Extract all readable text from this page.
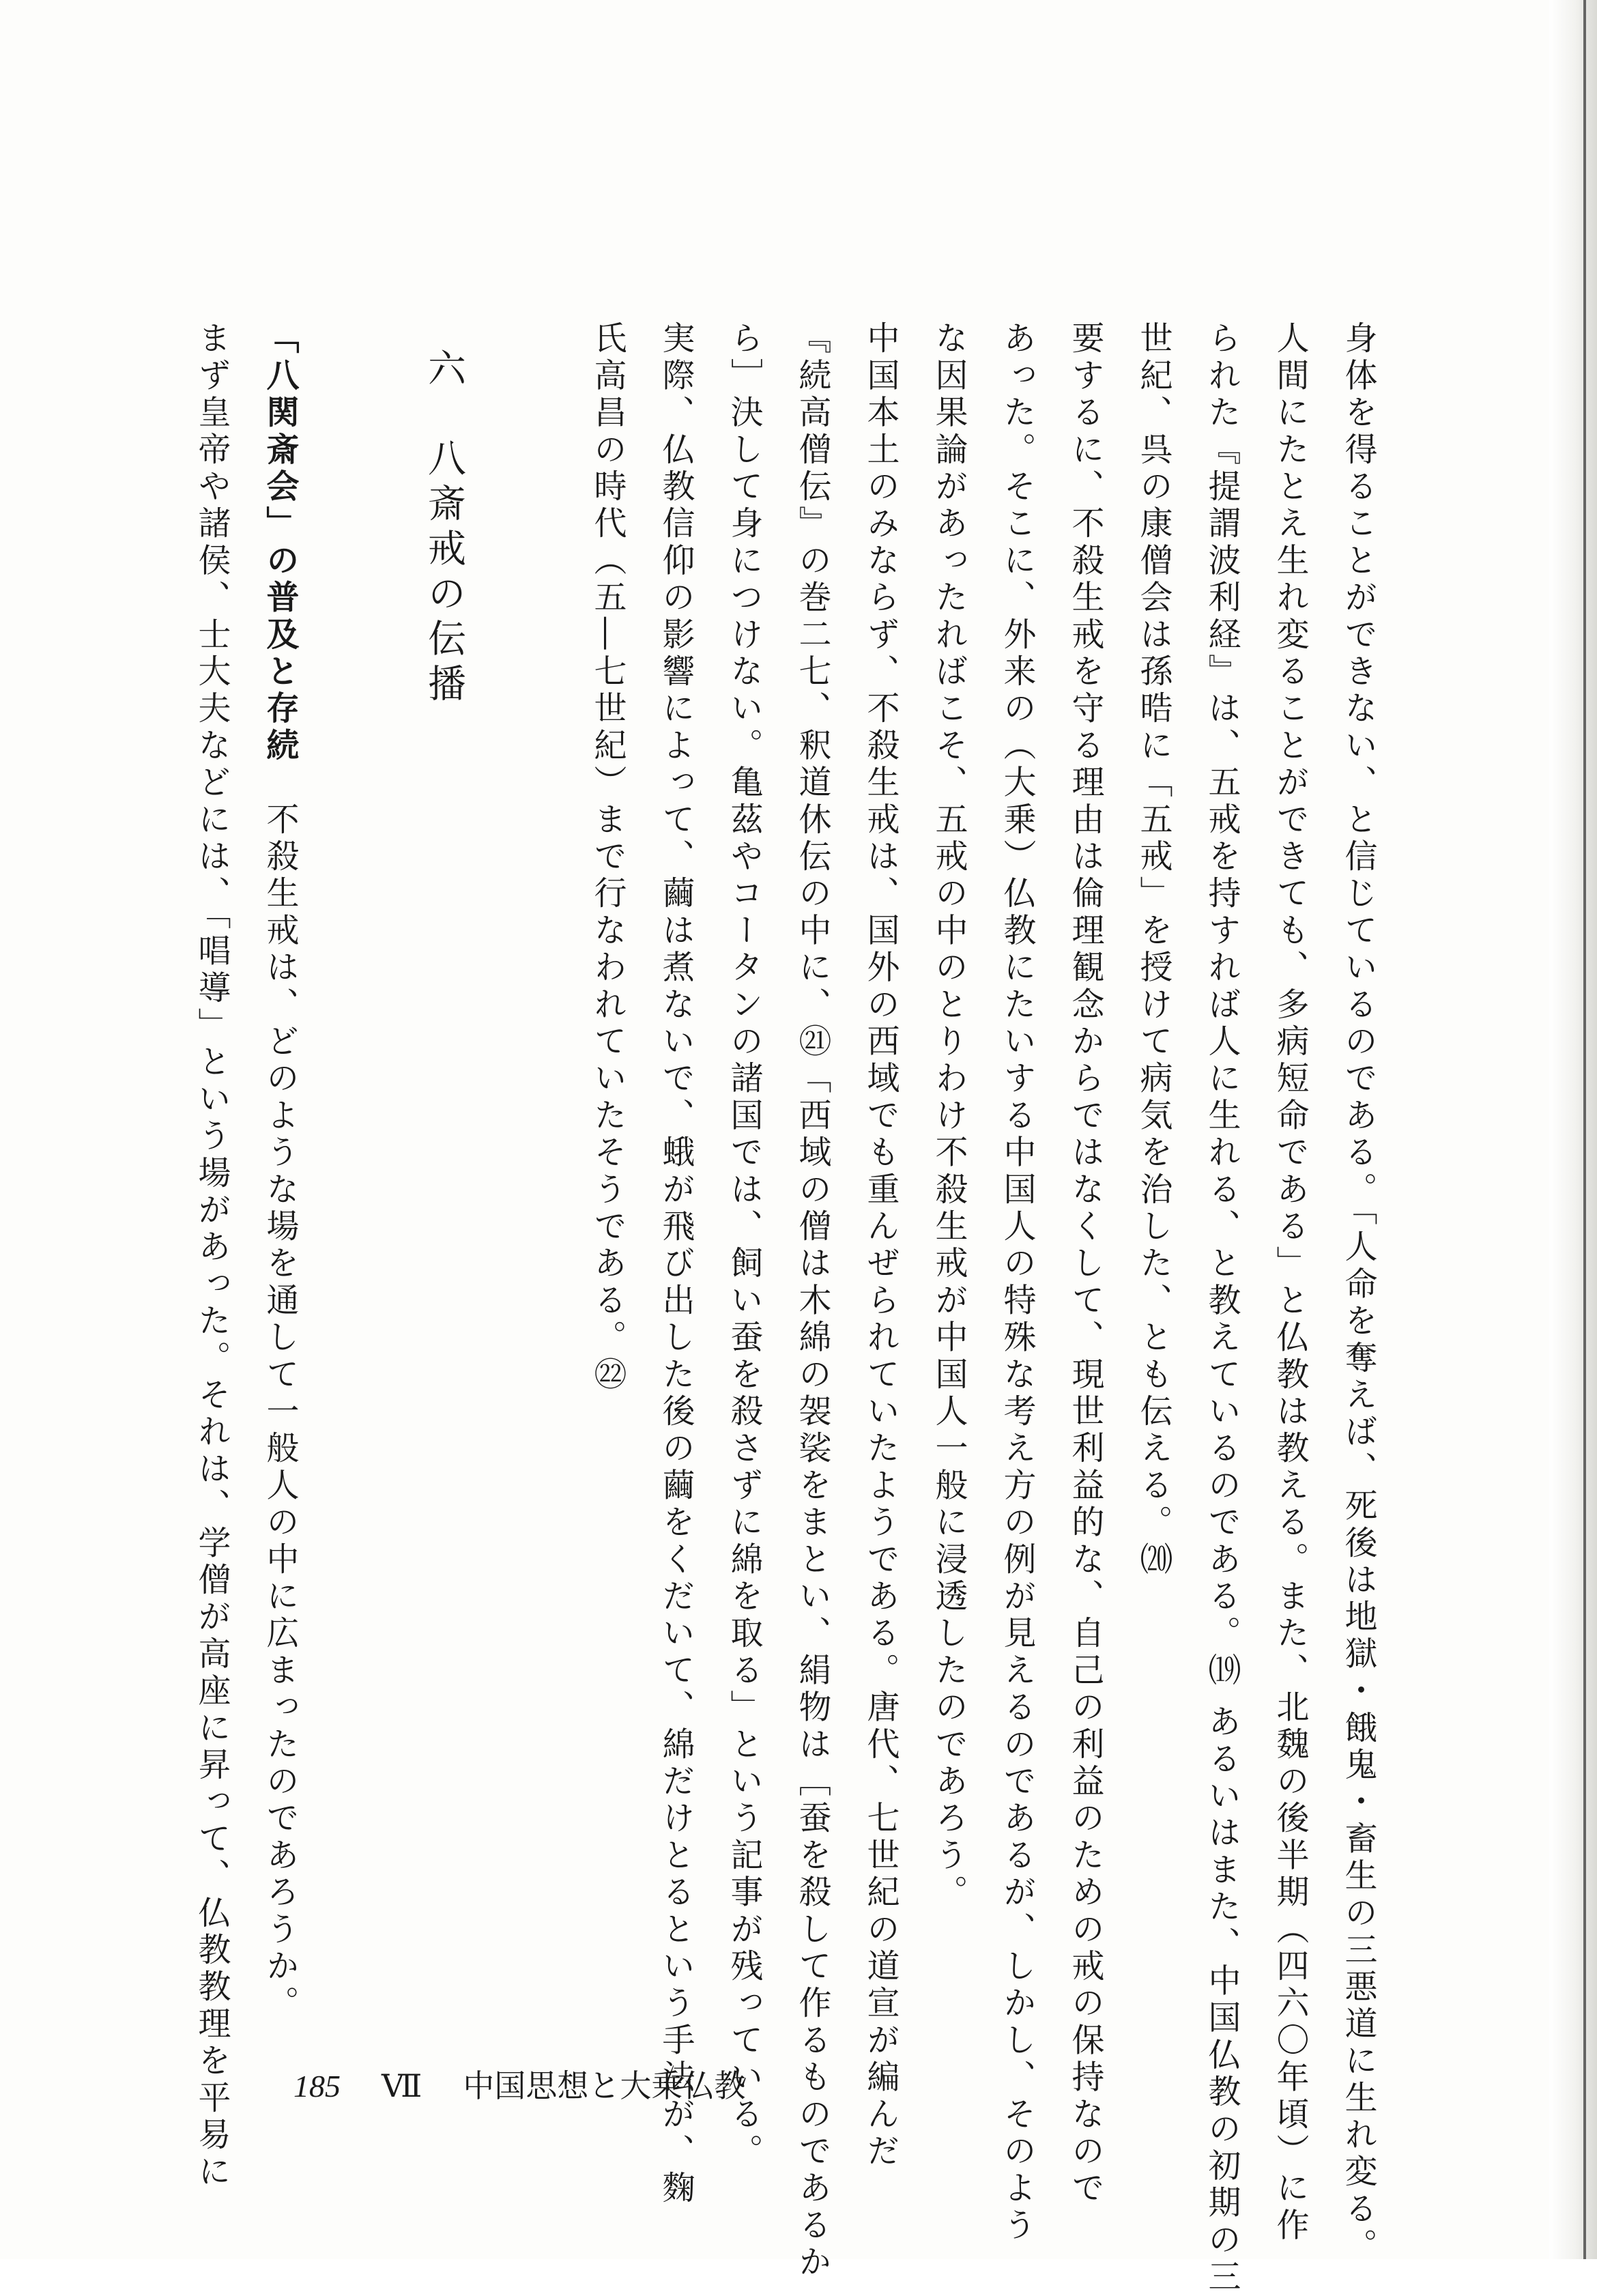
身体を得ることができない、と信じているのである。「人命を奪えば、死後は地獄・餓鬼・畜生の三悪道に生れ変る。
人間にたとえ生れ変ることができても、多病短命である」と仏教は教える。また、北魏の後半期（四六〇年頃）に作
られた『提謂波利経』は、五戒を持すれば人に生れる、と教えているのである。⒆ あるいはまた、中国仏教の初期の三
世紀、呉の康僧会は孫晧に「五戒」を授けて病気を治した、とも伝える。⒇
要するに、不殺生戒を守る理由は倫理観念からではなくして、現世利益的な、自己の利益のための戒の保持なので
あった。そこに、外来の（大乗）仏教にたいする中国人の特殊な考え方の例が見えるのであるが、しかし、そのよう
な因果論があったればこそ、五戒の中のとりわけ不殺生戒が中国人一般に浸透したのであろう。
中国本土のみならず、不殺生戒は、国外の西域でも重んぜられていたようである。唐代、七世紀の道宣が編んだ
『続高僧伝』の巻二七、釈道休伝の中に、㉑「西域の僧は木綿の袈裟をまとい、絹物は［蚕を殺して作るものであるか
ら］決して身につけない。亀茲やコータンの諸国では、飼い蚕を殺さずに綿を取る」という記事が残っている。
実際、仏教信仰の影響によって、繭は煮ないで、蛾が飛び出した後の繭をくだいて、綿だけとるという手法が、麴
氏高昌の時代（五―七世紀）まで行なわれていたそうである。㉒
六　八斎戒の伝播
「八関斎会」の普及と存続　不殺生戒は、どのような場を通して一般人の中に広まったのであろうか。
まず皇帝や諸侯、士大夫などには、「唱導」という場があった。それは、学僧が高座に昇って、仏教教理を平易に	185 Ⅶ 中国思想と大乗仏教
